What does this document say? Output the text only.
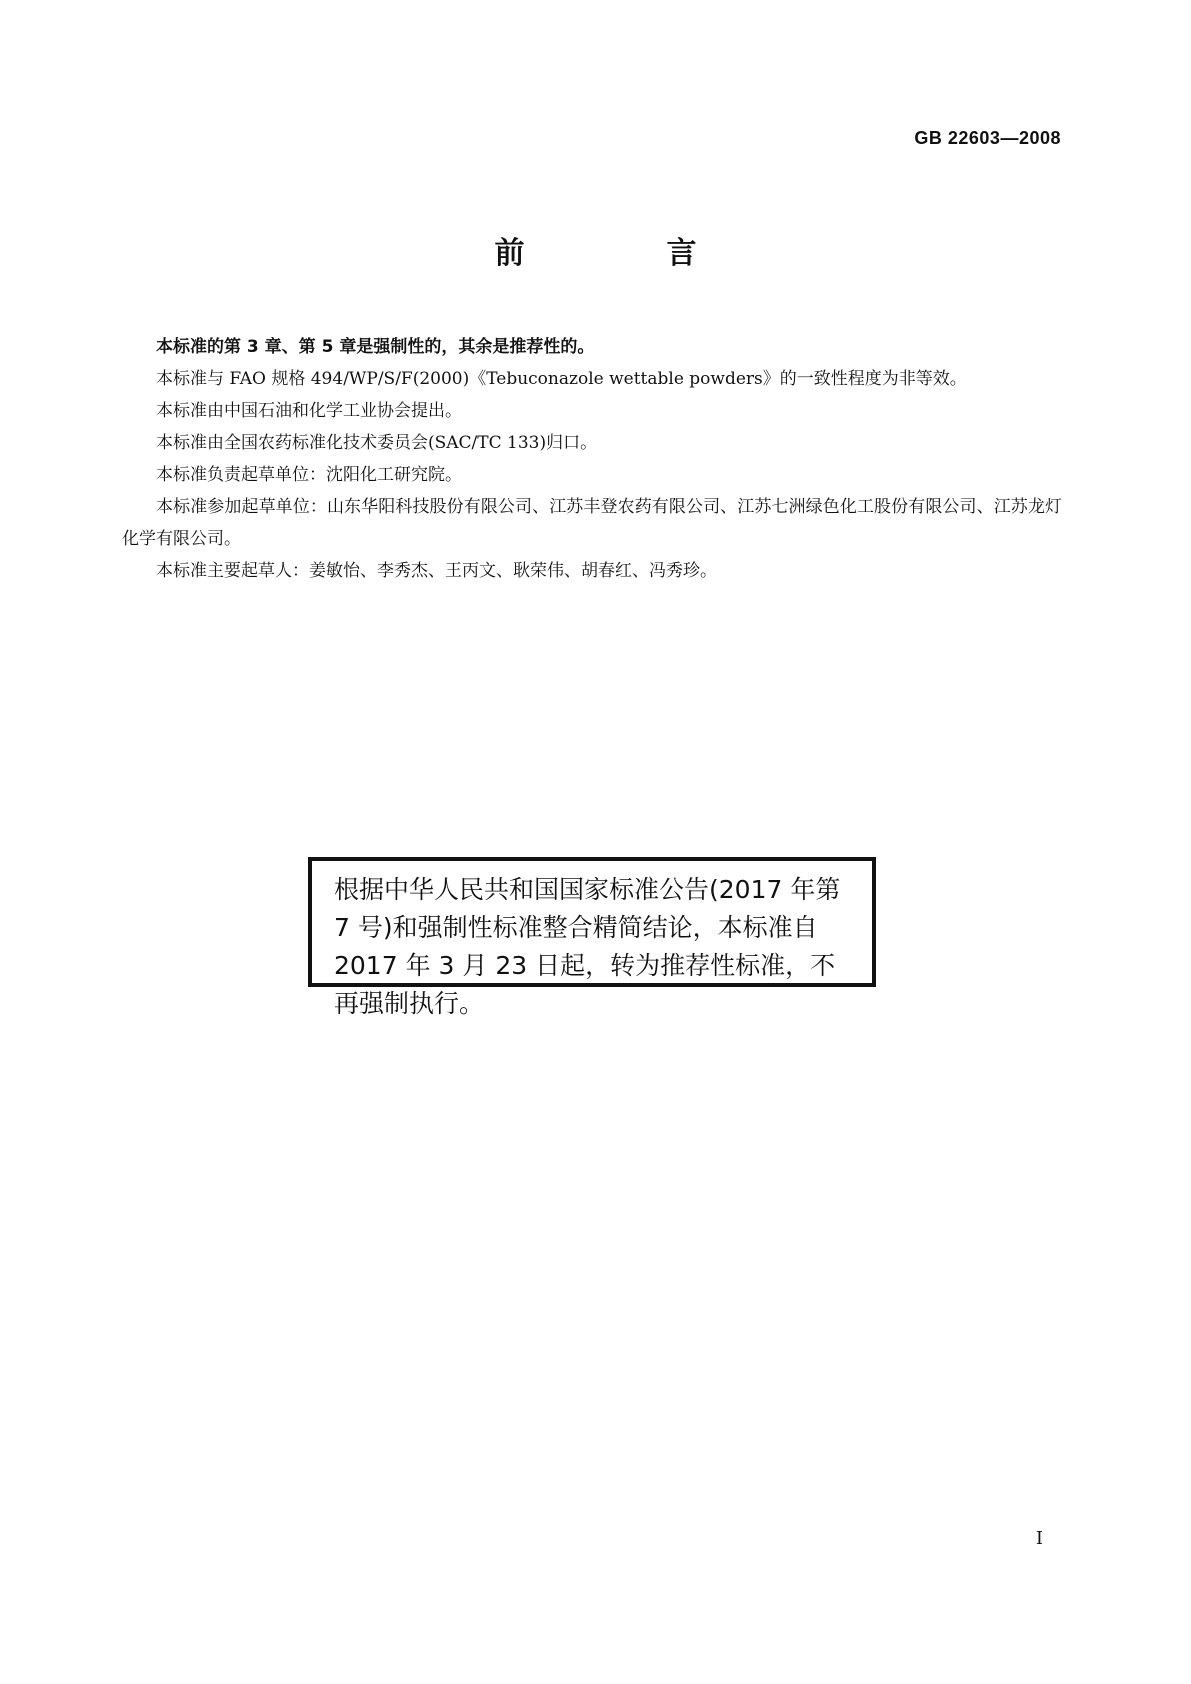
GB 22603—2008
前　言

本标准的第 3 章、第 5 章是强制性的，其余是推荐性的。

本标准与 FAO 规格 494/WP/S/F(2000)《Tebuconazole wettable powders》的一致性程度为非等效。

本标准由中国石油和化学工业协会提出。

本标准由全国农药标准化技术委员会(SAC/TC 133)归口。

本标准负责起草单位：沈阳化工研究院。

本标准参加起草单位：山东华阳科技股份有限公司、江苏丰登农药有限公司、江苏七洲绿色化工股份有限公司、江苏龙灯化学有限公司。

本标准主要起草人：姜敏怡、李秀杰、王丙文、耿荣伟、胡春红、冯秀珍。

根据中华人民共和国国家标准公告(2017 年第 7 号)和强制性标准整合精简结论，本标准自 2017 年 3 月 23 日起，转为推荐性标准，不再强制执行。

I
